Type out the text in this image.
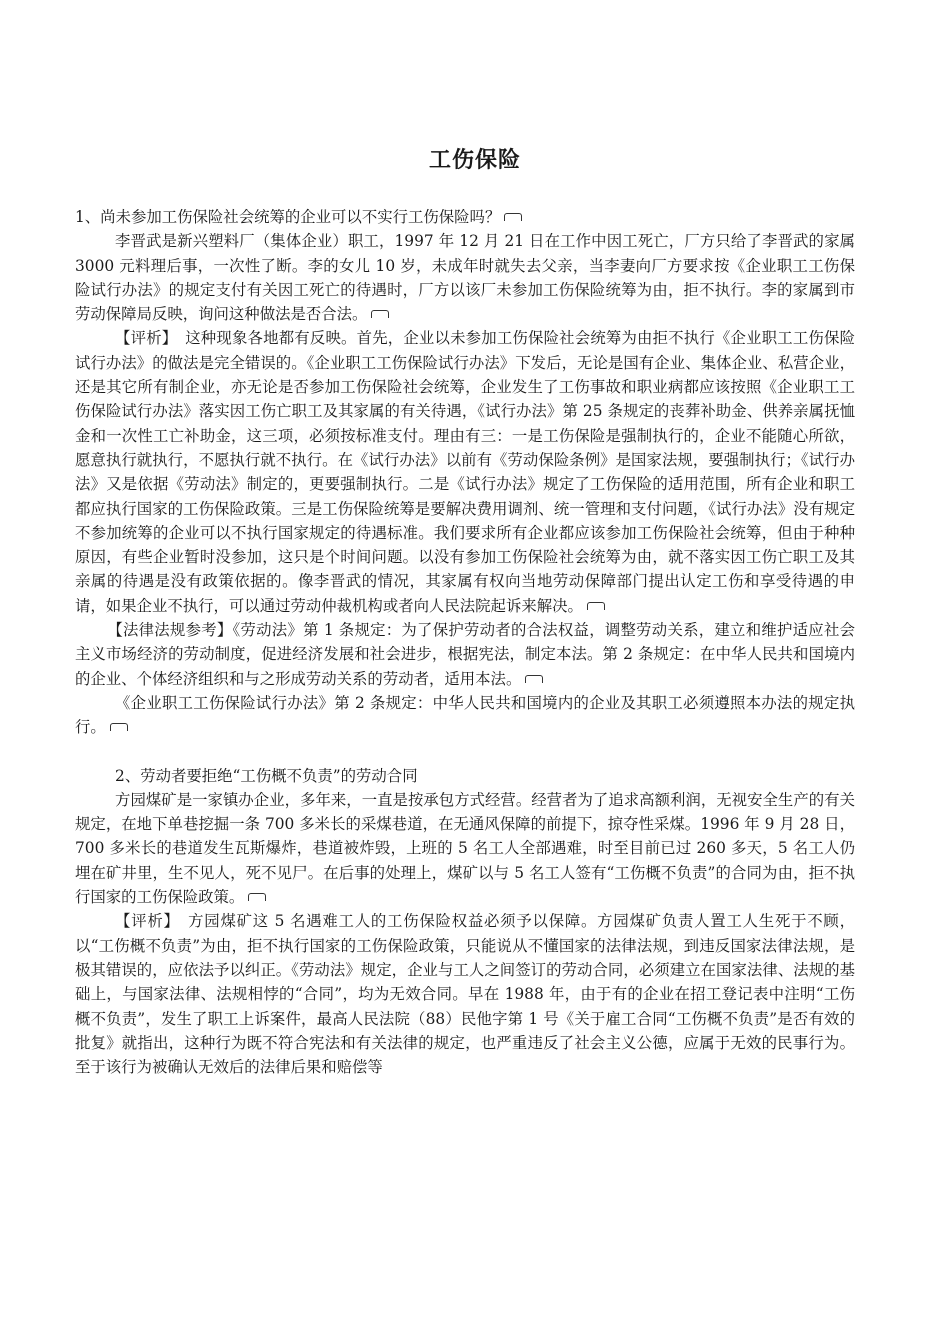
工伤保险

1、尚未参加工伤保险社会统筹的企业可以不实行工伤保险吗？

李晋武是新兴塑料厂（集体企业）职工，1997 年 12 月 21 日在工作中因工死亡，厂方只给了李晋武的家属 3000 元料理后事，一次性了断。李的女儿 10 岁，未成年时就失去父亲，当李妻向厂方要求按《企业职工工伤保险试行办法》的规定支付有关因工死亡的待遇时，厂方以该厂未参加工伤保险统筹为由，拒不执行。李的家属到市劳动保障局反映，询问这种做法是否合法。

【评析】　这种现象各地都有反映。首先，企业以未参加工伤保险社会统筹为由拒不执行《企业职工工伤保险试行办法》的做法是完全错误的。《企业职工工伤保险试行办法》下发后，无论是国有企业、集体企业、私营企业，还是其它所有制企业，亦无论是否参加工伤保险社会统筹，企业发生了工伤事故和职业病都应该按照《企业职工工伤保险试行办法》落实因工伤亡职工及其家属的有关待遇，《试行办法》第 25 条规定的丧葬补助金、供养亲属抚恤金和一次性工亡补助金，这三项，必须按标准支付。理由有三：一是工伤保险是强制执行的，企业不能随心所欲，愿意执行就执行，不愿执行就不执行。在《试行办法》以前有《劳动保险条例》是国家法规，要强制执行；《试行办法》又是依据《劳动法》制定的，更要强制执行。二是《试行办法》规定了工伤保险的适用范围，所有企业和职工都应执行国家的工伤保险政策。三是工伤保险统筹是要解决费用调剂、统一管理和支付问题，《试行办法》没有规定不参加统筹的企业可以不执行国家规定的待遇标准。我们要求所有企业都应该参加工伤保险社会统筹，但由于种种原因，有些企业暂时没参加，这只是个时间问题。以没有参加工伤保险社会统筹为由，就不落实因工伤亡职工及其亲属的待遇是没有政策依据的。像李晋武的情况，其家属有权向当地劳动保障部门提出认定工伤和享受待遇的申请，如果企业不执行，可以通过劳动仲裁机构或者向人民法院起诉来解决。

【法律法规参考】《劳动法》第 1 条规定：为了保护劳动者的合法权益，调整劳动关系，建立和维护适应社会主义市场经济的劳动制度，促进经济发展和社会进步，根据宪法，制定本法。第 2 条规定：在中华人民共和国境内的企业、个体经济组织和与之形成劳动关系的劳动者，适用本法。

《企业职工工伤保险试行办法》第 2 条规定：中华人民共和国境内的企业及其职工必须遵照本办法的规定执行。

2、劳动者要拒绝“工伤概不负责”的劳动合同

方园煤矿是一家镇办企业，多年来，一直是按承包方式经营。经营者为了追求高额利润，无视安全生产的有关规定，在地下单巷挖掘一条 700 多米长的采煤巷道，在无通风保障的前提下，掠夺性采煤。1996 年 9 月 28 日，700 多米长的巷道发生瓦斯爆炸，巷道被炸毁，上班的 5 名工人全部遇难，时至目前已过 260 多天，5 名工人仍埋在矿井里，生不见人，死不见尸。在后事的处理上，煤矿以与 5 名工人签有“工伤概不负责”的合同为由，拒不执行国家的工伤保险政策。

【评析】　方园煤矿这 5 名遇难工人的工伤保险权益必须予以保障。方园煤矿负责人置工人生死于不顾，以“工伤概不负责”为由，拒不执行国家的工伤保险政策，只能说从不懂国家的法律法规，到违反国家法律法规，是极其错误的，应依法予以纠正。《劳动法》规定，企业与工人之间签订的劳动合同，必须建立在国家法律、法规的基础上，与国家法律、法规相悖的“合同”，均为无效合同。早在 1988 年，由于有的企业在招工登记表中注明“工伤概不负责”，发生了职工上诉案件，最高人民法院（88）民他字第 1 号《关于雇工合同“工伤概不负责”是否有效的批复》就指出，这种行为既不符合宪法和有关法律的规定，也严重违反了社会主义公德，应属于无效的民事行为。至于该行为被确认无效后的法律后果和赔偿等
